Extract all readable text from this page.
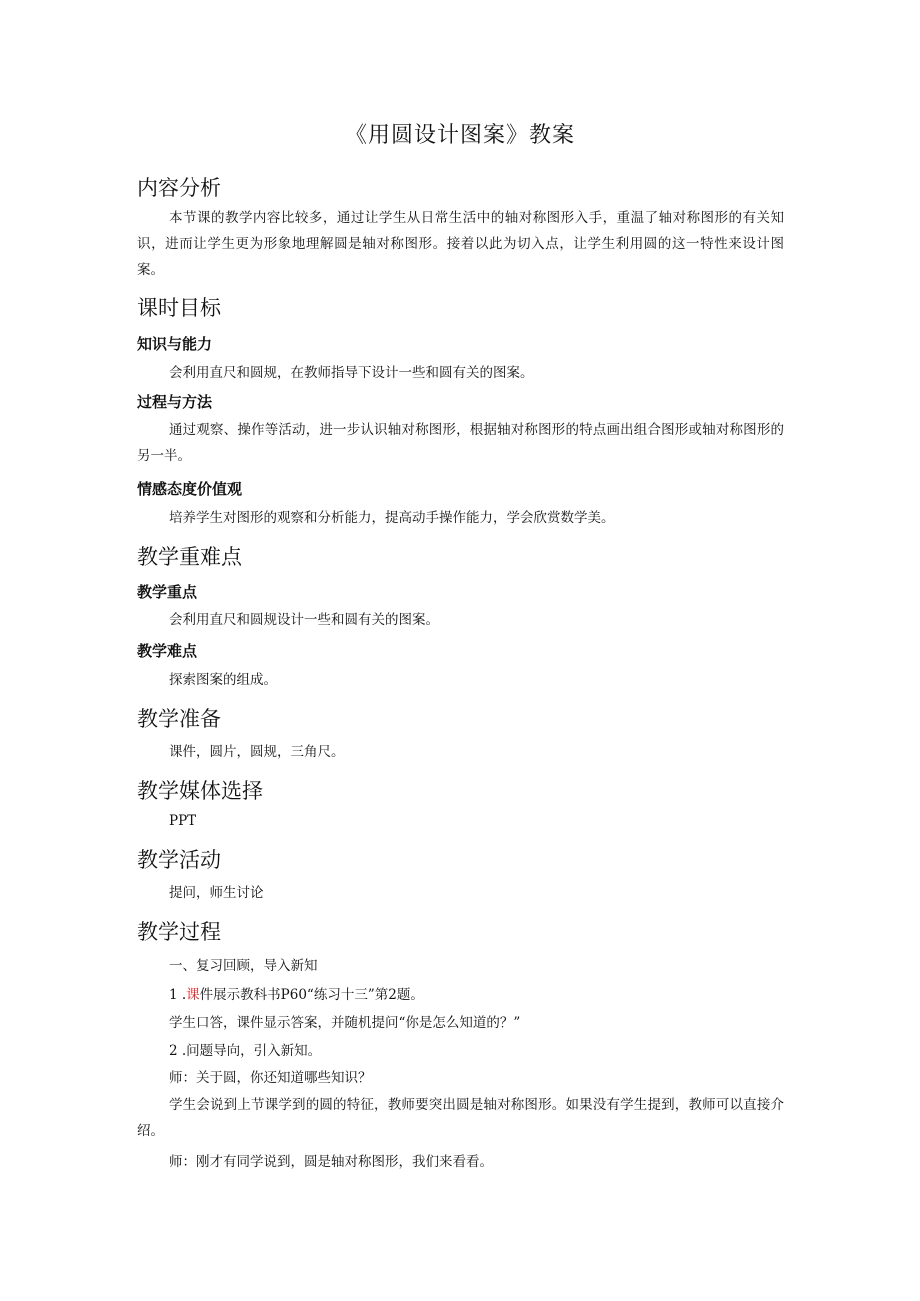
《用圆设计图案》教案
内容分析

本节课的教学内容比较多，通过让学生从日常生活中的轴对称图形入手，重温了轴对称图形的有关知识，进而让学生更为形象地理解圆是轴对称图形。接着以此为切入点，让学生利用圆的这一特性来设计图案。

课时目标
知识与能力
会利用直尺和圆规，在教师指导下设计一些和圆有关的图案。
过程与方法

通过观察、操作等活动，进一步认识轴对称图形，根据轴对称图形的特点画出组合图形或轴对称图形的另一半。

情感态度价值观
培养学生对图形的观察和分析能力，提高动手操作能力，学会欣赏数学美。
教学重难点
教学重点
会利用直尺和圆规设计一些和圆有关的图案。
教学难点
探索图案的组成。
教学准备
课件，圆片，圆规，三角尺。
教学媒体选择
PPT
教学活动
提问，师生讨论
教学过程
一、复习回顾，导入新知
1 .课件展示教科书P60“练习十三”第2题。
学生口答，课件显示答案，并随机提问“你是怎么知道的？”
2 .问题导向，引入新知。
师：关于圆，你还知道哪些知识？

学生会说到上节课学到的圆的特征，教师要突出圆是轴对称图形。如果没有学生提到，教师可以直接介绍。

师：刚才有同学说到，圆是轴对称图形，我们来看看。
